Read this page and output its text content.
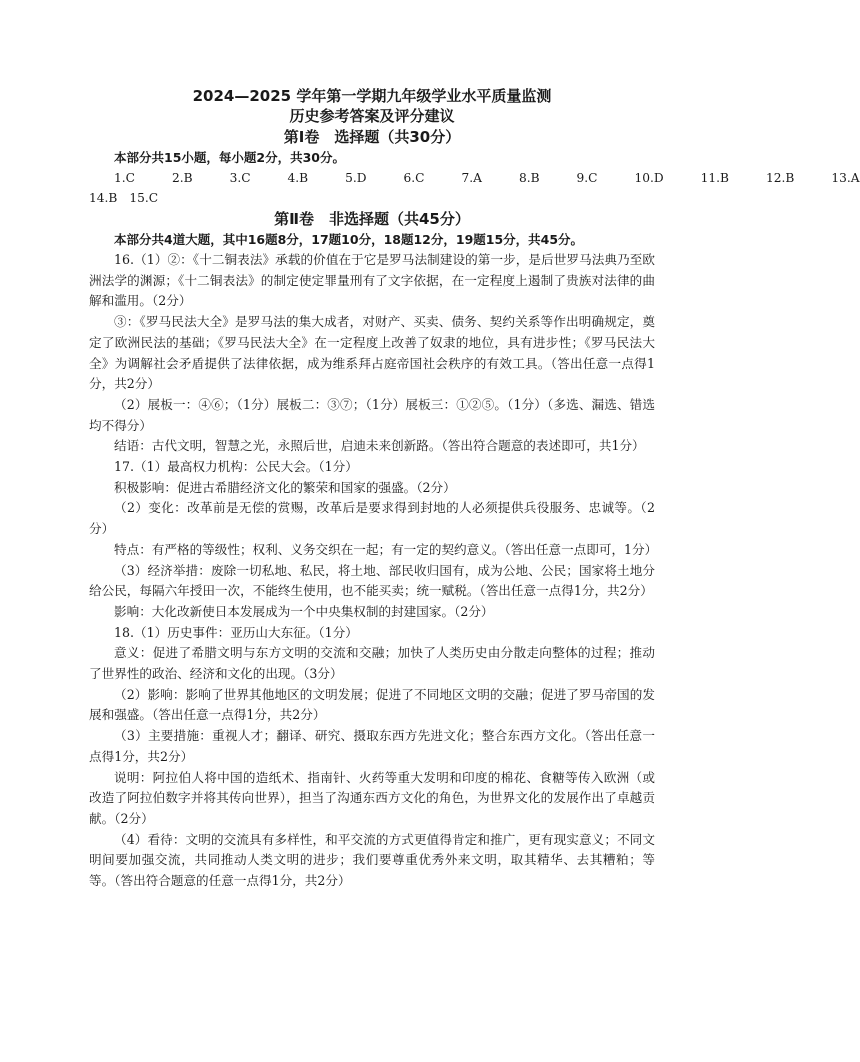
2024—2025 学年第一学期九年级学业水平质量监测
历史参考答案及评分建议
第Ⅰ卷　选择题（共30分）
本部分共15小题，每小题2分，共30分。
1.C	2.B	3.C	4.B	5.D	6.C	7.A	8.B	9.C	10.D	11.B	12.B	13.A
14.B 15.C
第Ⅱ卷　非选择题（共45分）
本部分共4道大题，其中16题8分，17题10分，18题12分，19题15分，共45分。

16.（1）②：《十二铜表法》承载的价值在于它是罗马法制建设的第一步，是后世罗马法典乃至欧洲法学的渊源；《十二铜表法》的制定使定罪量刑有了文字依据，在一定程度上遏制了贵族对法律的曲解和滥用。（2分）

③：《罗马民法大全》是罗马法的集大成者，对财产、买卖、债务、契约关系等作出明确规定，奠定了欧洲民法的基础；《罗马民法大全》在一定程度上改善了奴隶的地位，具有进步性；《罗马民法大全》为调解社会矛盾提供了法律依据，成为维系拜占庭帝国社会秩序的有效工具。（答出任意一点得1分，共2分）

（2）展板一：④⑥；（1分）展板二：③⑦；（1分）展板三：①②⑤。（1分）（多选、漏选、错选均不得分）

结语：古代文明，智慧之光，永照后世，启迪未来创新路。（答出符合题意的表述即可，共1分）

17.（1）最高权力机构：公民大会。（1分）

积极影响：促进古希腊经济文化的繁荣和国家的强盛。（2分）

（2）变化：改革前是无偿的赏赐，改革后是要求得到封地的人必须提供兵役服务、忠诚等。（2分）

特点：有严格的等级性；权利、义务交织在一起；有一定的契约意义。（答出任意一点即可，1分）

（3）经济举措：废除一切私地、私民，将土地、部民收归国有，成为公地、公民；国家将土地分给公民，每隔六年授田一次，不能终生使用，也不能买卖；统一赋税。（答出任意一点得1分，共2分）

影响：大化改新使日本发展成为一个中央集权制的封建国家。（2分）

18.（1）历史事件：亚历山大东征。（1分）

意义：促进了希腊文明与东方文明的交流和交融；加快了人类历史由分散走向整体的过程；推动了世界性的政治、经济和文化的出现。（3分）

（2）影响：影响了世界其他地区的文明发展；促进了不同地区文明的交融；促进了罗马帝国的发展和强盛。（答出任意一点得1分，共2分）

（3）主要措施：重视人才；翻译、研究、摄取东西方先进文化；整合东西方文化。（答出任意一点得1分，共2分）

说明：阿拉伯人将中国的造纸术、指南针、火药等重大发明和印度的棉花、食糖等传入欧洲（或改造了阿拉伯数字并将其传向世界），担当了沟通东西方文化的角色，为世界文化的发展作出了卓越贡献。（2分）

（4）看待：文明的交流具有多样性，和平交流的方式更值得肯定和推广，更有现实意义；不同文明间要加强交流，共同推动人类文明的进步；我们要尊重优秀外来文明，取其精华、去其糟粕；等等。（答出符合题意的任意一点得1分，共2分）
